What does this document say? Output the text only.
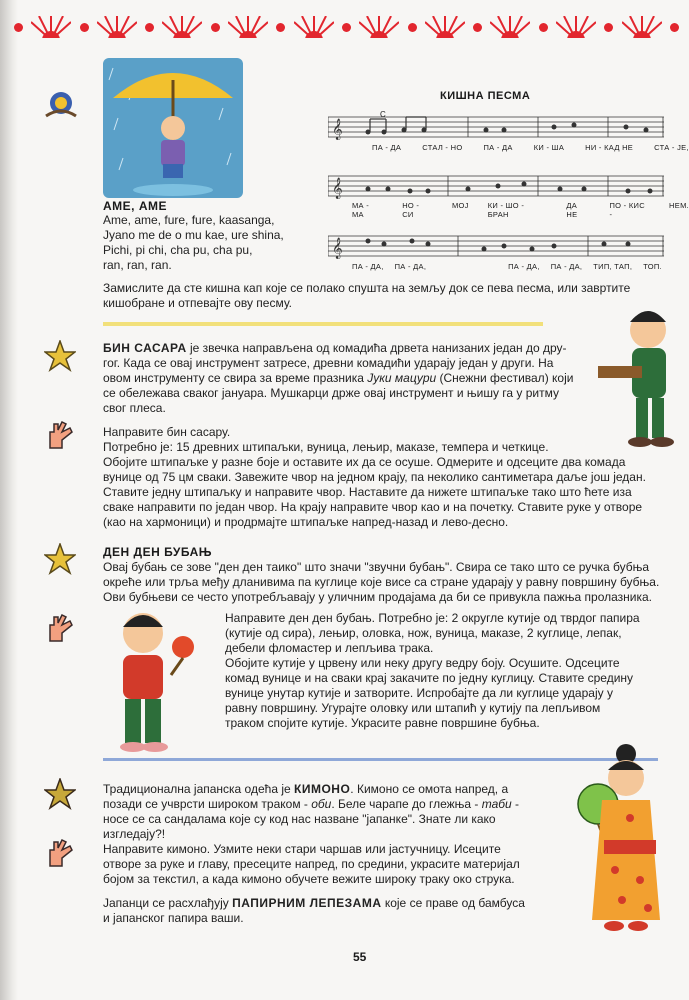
КИШНА ПЕСМА
C
𝄞
ПА - ДА	СТАЛ - НО	ПА - ДА	КИ - ША	НИ - КАД НЕ	СТА - ЈЕ,
𝄞
МА - МА
НО - СИ
МОЈ	КИ - ШО - БРАН
ДА НЕ
ПО - КИС -
НЕМ.
𝄞
ПА - ДА, ПА - ДА,	ПА - ДА, ПА - ДА, ТИП, ТАП, ТОП.
АМЕ, АМЕ
Ame, ame, fure, fure, kaasanga,
Jyano me de o mu kae, ure shina,
Pichi, pi chi, cha pu, cha pu,
ran, ran, ran.
Замислите да сте кишна кап које се полако спушта на земљу док се пева песма, или завртите
кишобране и отпевајте ову песму.
БИН САСАРА је звечка направљена од комадића дрвета нанизаних један до дру-
гог. Када се овај инструмент затресе, древни комадићи ударају један у други. На
овом инструменту се свира за време празника Јуки мацури (Снежни фестивал) који
се обележава сваког јануара. Мушкарци држе овај инструмент и њишу га у ритму
свог плеса.
Направите бин сасару.
Потребно је: 15 древних штипаљки, вуница, лењир, маказе, темпера и четкице.
Обојите штипаљке у разне боје и оставите их да се осуше. Одмерите и одсеците два комада
вунице од 75 цм сваки. Завежите чвор на једном крају, па неколико сантиметара даље још један.
Ставите једну штипаљку и направите чвор. Наставите да нижете штипаљке тако што ћете иза
сваке направити по један чвор. На крају направите чвор као и на почетку. Ставите руке у отворе
(као на хармоници) и продрмајте штипаљке напред-назад и лево-десно.
ДЕН ДЕН БУБАЊ
Овај бубањ се зове "ден ден таико" што значи "звучни бубањ". Свира се тако што се ручка бубња
окреће или трља међу дланивима па куглице које висе са стране ударају у равну површину бубња.
Ови бубњеви се често употребљавају у уличним продајама да би се привукла пажња пролазника.
Направите ден ден бубањ. Потребно је: 2 округле кутије од тврдог папира
(кутије од сира), лењир, оловка, нож, вуница, маказе, 2 куглице, лепак,
дебели фломастер и лепљива трака.
Обојите кутије у црвену или неку другу ведру боју. Осушите. Одсеците
комад вунице и на сваки крај закачите по једну куглицу. Ставите средину
вунице унутар кутије и затворите. Испробајте да ли куглице ударају у
равну површину. Угурајте оловку или штапић у кутију па лепљивом
траком спојите кутије. Украсите равне површине бубња.
Традиционална јапанска одећа је КИМОНО. Кимоно се омота напред, а
позади се учврсти широком траком - оби. Беле чарапе до глежња - таби -
носе се са сандалама које су код нас названe "јапанке". Знате ли како
изгледају?!
Направите кимоно. Узмите неки стари чаршав или јастучницу. Исеците
отворе за руке и главу, пресеците напред, по средини, украсите материјал
бојом за текстил, а када кимоно обучете вежите широку траку око струка.
Јапанци се расхлађују ПАПИРНИМ ЛЕПЕЗАМА које се праве од бамбуса
и јапанског папира ваши.
55
